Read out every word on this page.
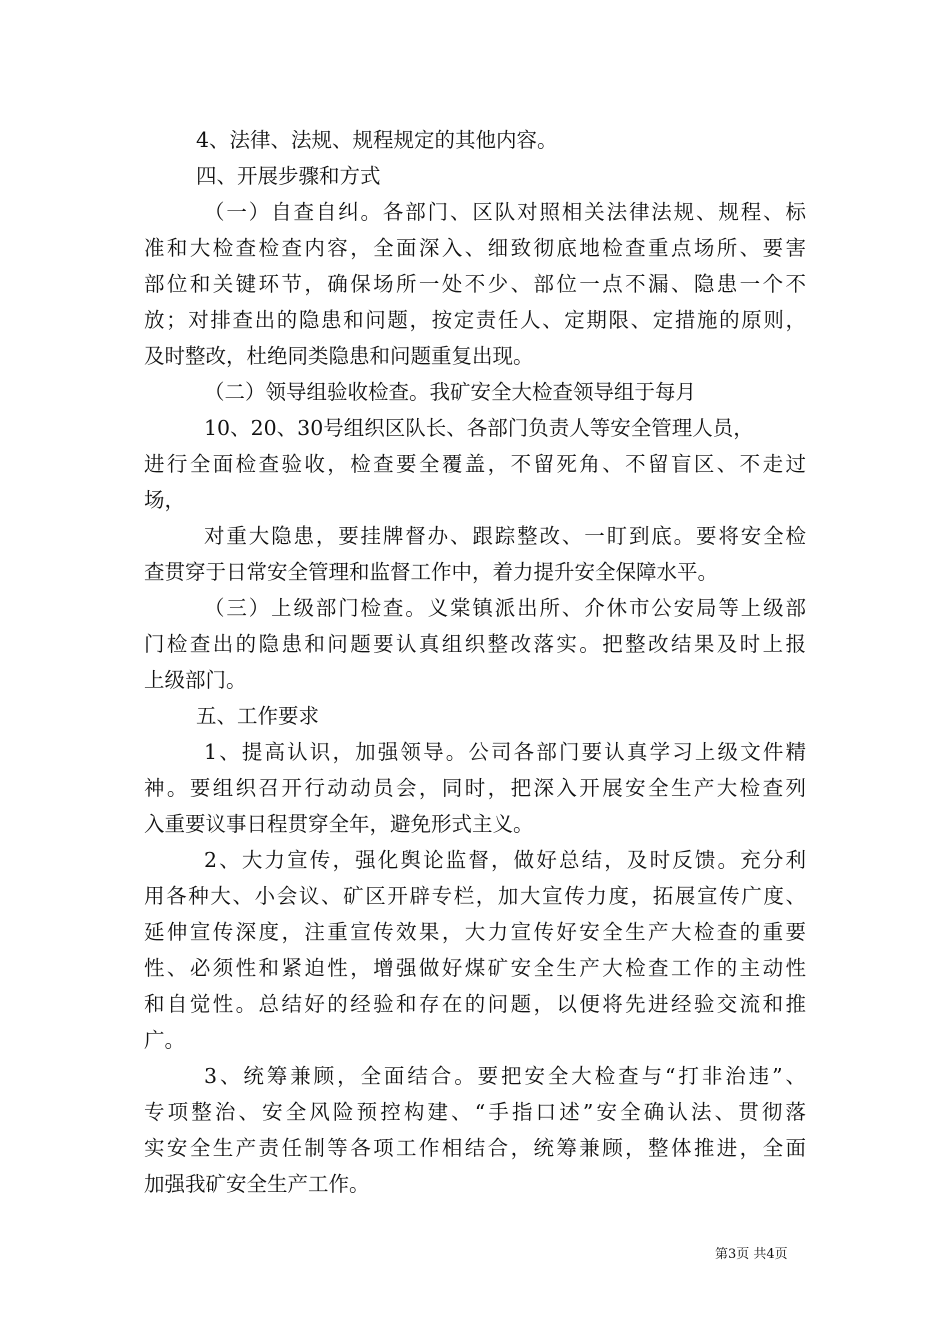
4、法律、法规、规程规定的其他内容。
四、开展步骤和方式
（一）自查自纠。各部门、区队对照相关法律法规、规程、标
准和大检查检查内容，全面深入、细致彻底地检查重点场所、要害
部位和关键环节，确保场所一处不少、部位一点不漏、隐患一个不
放；对排查出的隐患和问题，按定责任人、定期限、定措施的原则，
及时整改，杜绝同类隐患和问题重复出现。
（二）领导组验收检查。我矿安全大检查领导组于每月
10、20、30号组织区队长、各部门负责人等安全管理人员，
进行全面检查验收，检查要全覆盖，不留死角、不留盲区、不走过
场，
对重大隐患，要挂牌督办、跟踪整改、一盯到底。要将安全检
查贯穿于日常安全管理和监督工作中，着力提升安全保障水平。
（三）上级部门检查。义棠镇派出所、介休市公安局等上级部
门检查出的隐患和问题要认真组织整改落实。把整改结果及时上报
上级部门。
五、工作要求
1、提高认识，加强领导。公司各部门要认真学习上级文件精
神。要组织召开行动动员会，同时，把深入开展安全生产大检查列
入重要议事日程贯穿全年，避免形式主义。
2、大力宣传，强化舆论监督，做好总结，及时反馈。充分利
用各种大、小会议、矿区开辟专栏，加大宣传力度，拓展宣传广度、
延伸宣传深度，注重宣传效果，大力宣传好安全生产大检查的重要
性、必须性和紧迫性，增强做好煤矿安全生产大检查工作的主动性
和自觉性。总结好的经验和存在的问题，以便将先进经验交流和推
广。
3、统筹兼顾，全面结合。要把安全大检查与“打非治违”、
专项整治、安全风险预控构建、“手指口述”安全确认法、贯彻落
实安全生产责任制等各项工作相结合，统筹兼顾，整体推进，全面
加强我矿安全生产工作。
第3页 共4页
